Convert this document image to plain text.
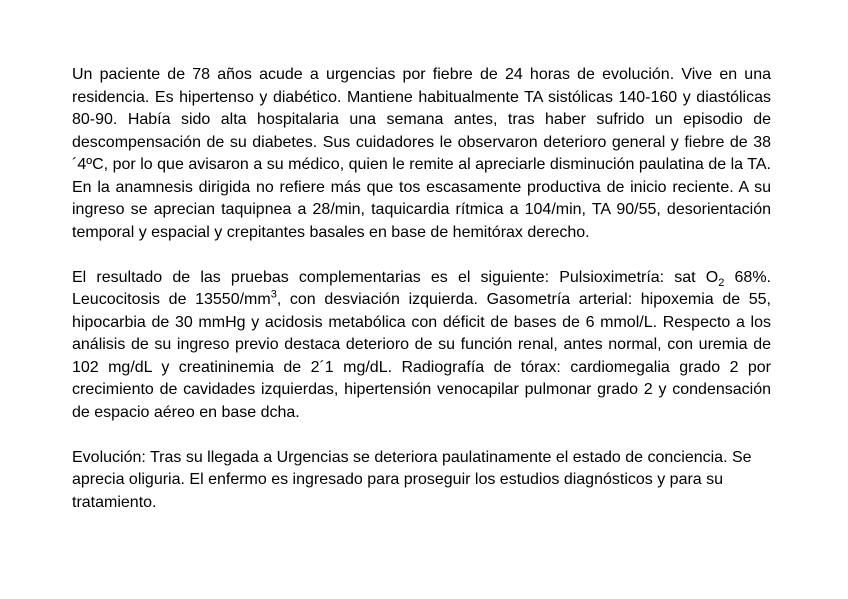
Un paciente de 78 años acude a urgencias por fiebre de 24 horas de evolución. Vive en una residencia. Es hipertenso y diabético. Mantiene habitualmente TA sistólicas 140-160 y diastólicas 80-90. Había sido alta hospitalaria una semana antes, tras haber sufrido un episodio de descompensación de su diabetes. Sus cuidadores le observaron deterioro general y fiebre de 38´4ºC, por lo que avisaron a su médico, quien le remite al apreciarle disminución paulatina de la TA. En la anamnesis dirigida no refiere más que tos escasamente productiva de inicio reciente. A su ingreso se aprecian taquipnea a 28/min, taquicardia rítmica a 104/min, TA 90/55, desorientación temporal y espacial y crepitantes basales en base de hemitórax derecho.

El resultado de las pruebas complementarias es el siguiente: Pulsioximetría: sat $O_2$ 68%. Leucocitosis de $13550/mm^3$, con desviación izquierda. Gasometría arterial: hipoxemia de 55, hipocarbia de 30 mmHg y acidosis metabólica con déficit de bases de 6 mmol/L. Respecto a los análisis de su ingreso previo destaca deterioro de su función renal, antes normal, con uremia de 102 mg/dL y creatininemia de 2´1 mg/dL. Radiografía de tórax: cardiomegalia grado 2 por crecimiento de cavidades izquierdas, hipertensión venocapilar pulmonar grado 2 y condensación de espacio aéreo en base dcha.

Evolución: Tras su llegada a Urgencias se deteriora paulatinamente el estado de conciencia. Se aprecia oliguria. El enfermo es ingresado para proseguir los estudios diagnósticos y para su tratamiento.
